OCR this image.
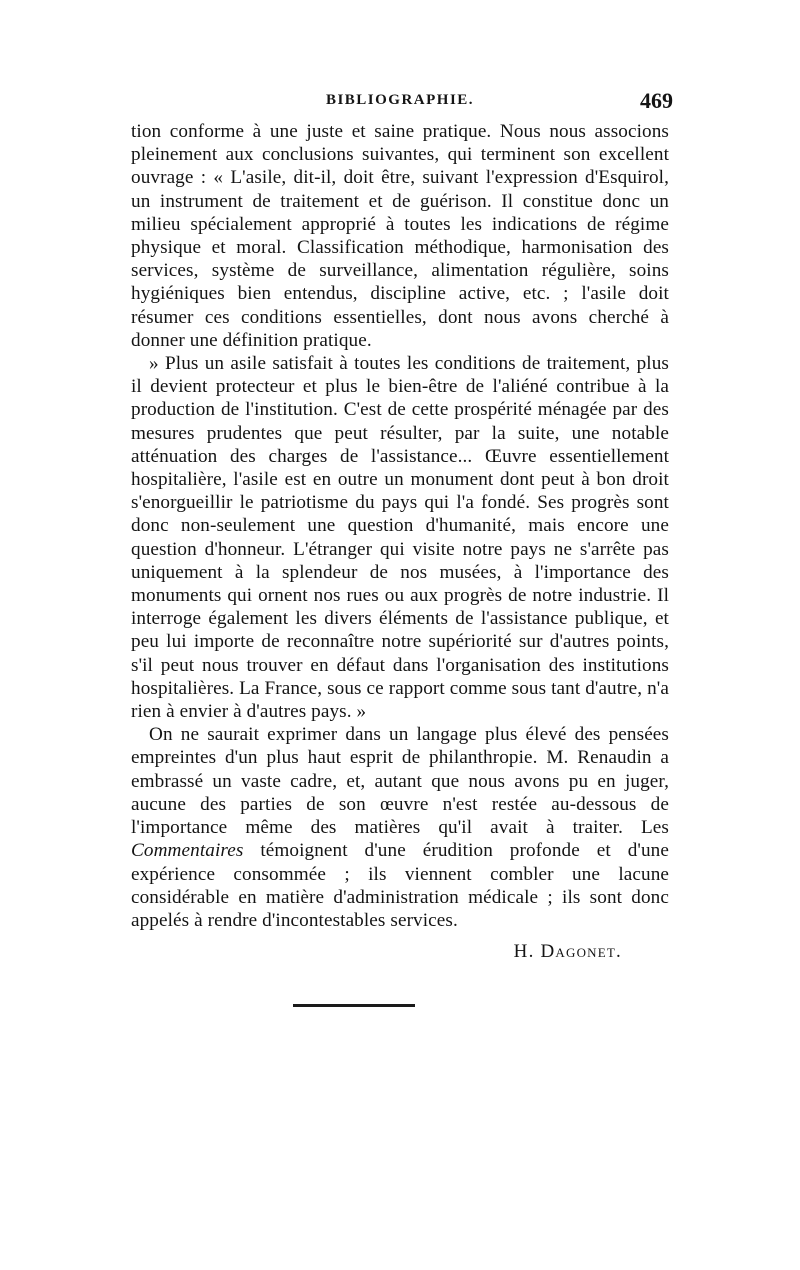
BIBLIOGRAPHIE.	469

tion conforme à une juste et saine pratique. Nous nous associons pleinement aux conclusions suivantes, qui terminent son excellent ouvrage : « L'asile, dit-il, doit être, suivant l'expression d'Esquirol, un instrument de traitement et de guérison. Il constitue donc un milieu spécialement approprié à toutes les indications de régime physique et moral. Classification méthodique, harmonisation des services, système de surveillance, alimentation régulière, soins hygiéniques bien entendus, discipline active, etc. ; l'asile doit résumer ces conditions essentielles, dont nous avons cherché à donner une définition pratique.

» Plus un asile satisfait à toutes les conditions de traitement, plus il devient protecteur et plus le bien-être de l'aliéné contribue à la production de l'institution. C'est de cette prospérité ménagée par des mesures prudentes que peut résulter, par la suite, une notable atténuation des charges de l'assistance... Œuvre essentiellement hospitalière, l'asile est en outre un monument dont peut à bon droit s'enorgueillir le patriotisme du pays qui l'a fondé. Ses progrès sont donc non-seulement une question d'humanité, mais encore une question d'honneur. L'étranger qui visite notre pays ne s'arrête pas uniquement à la splendeur de nos musées, à l'importance des monuments qui ornent nos rues ou aux progrès de notre industrie. Il interroge également les divers éléments de l'assistance publique, et peu lui importe de reconnaître notre supériorité sur d'autres points, s'il peut nous trouver en défaut dans l'organisation des institutions hospitalières. La France, sous ce rapport comme sous tant d'autre, n'a rien à envier à d'autres pays. »

On ne saurait exprimer dans un langage plus élevé des pensées empreintes d'un plus haut esprit de philanthropie. M. Renaudin a embrassé un vaste cadre, et, autant que nous avons pu en juger, aucune des parties de son œuvre n'est restée au-dessous de l'importance même des matières qu'il avait à traiter. Les Commentaires témoignent d'une érudition profonde et d'une expérience consommée ; ils viennent combler une lacune considérable en matière d'administration médicale ; ils sont donc appelés à rendre d'incontestables services.

H. Dagonet.
